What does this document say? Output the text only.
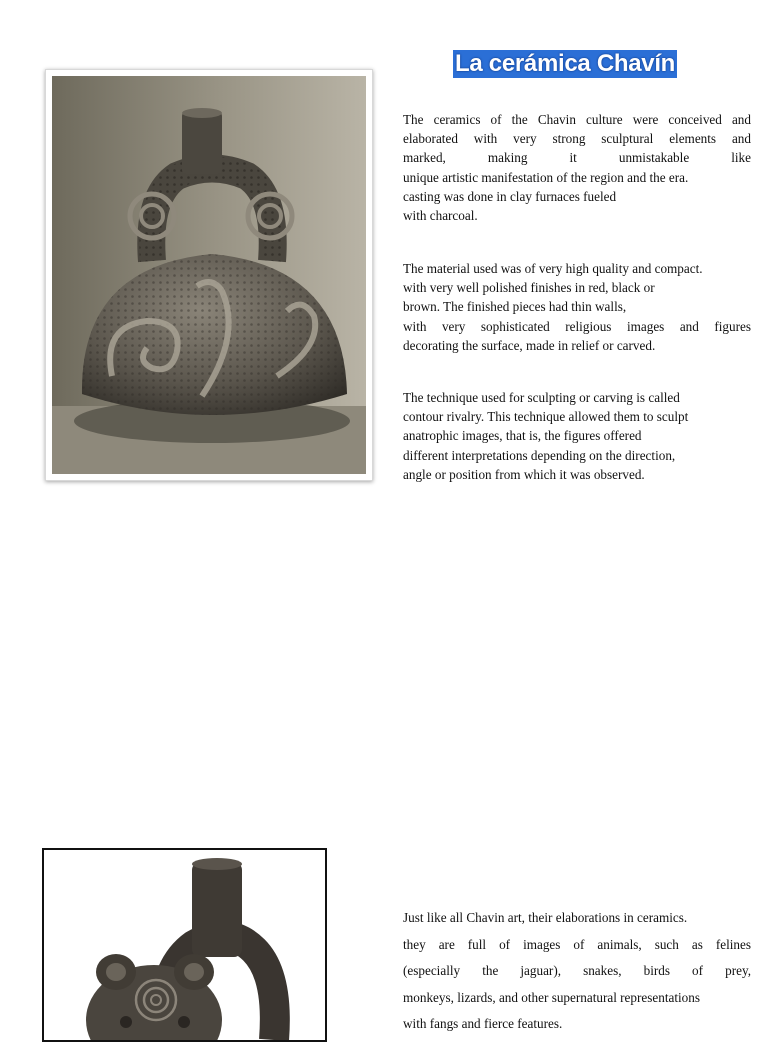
La cerámica Chavín
The ceramics of the Chavin culture were conceived and
elaborated with very strong sculptural elements and
marked, making it unmistakable like
unique artistic manifestation of the region and the era.
casting was done in clay furnaces fueled
with charcoal.
The material used was of very high quality and compact.
with very well polished finishes in red, black or
brown. The finished pieces had thin walls,
with very sophisticated religious images and figures
decorating the surface, made in relief or carved.
The technique used for sculpting or carving is called
contour rivalry. This technique allowed them to sculpt
anatrophic images, that is, the figures offered
different interpretations depending on the direction,
angle or position from which it was observed.
Just like all Chavin art, their elaborations in ceramics.
they are full of images of animals, such as felines
(especially the jaguar), snakes, birds of prey,
monkeys, lizards, and other supernatural representations
with fangs and fierce features.
